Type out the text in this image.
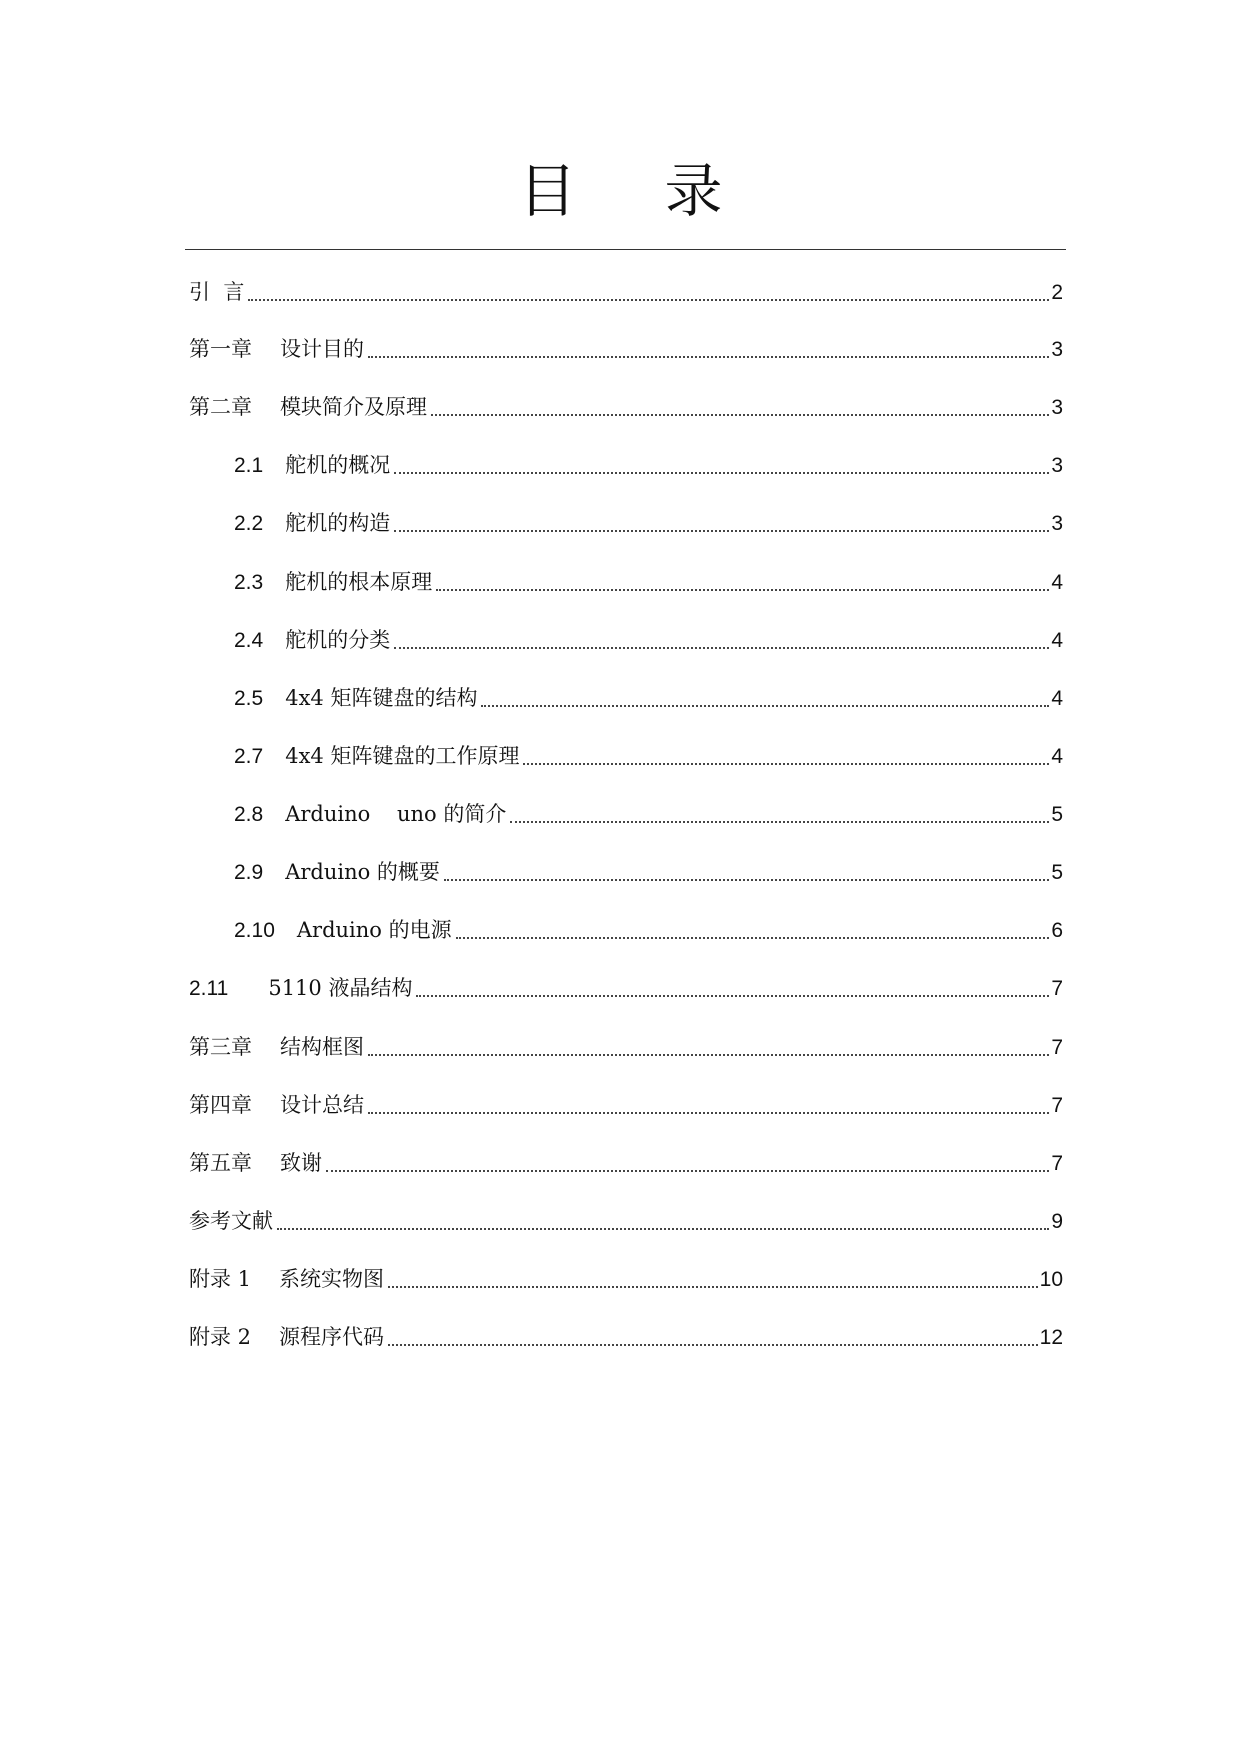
目 录
引  言	2
第一章	设计目的	3
第二章	模块简介及原理	3
2.1	舵机的概况	3
2.2	舵机的构造	3
2.3	舵机的根本原理	4
2.4	舵机的分类	4
2.5	4x4 矩阵键盘的结构	4
2.7	4x4 矩阵键盘的工作原理	4
2.8	Arduino    uno 的简介	5
2.9	Arduino 的概要	5
2.10	Arduino 的电源	6
2.11	5110 液晶结构	7
第三章	结构框图	7
第四章	设计总结	7
第五章	致谢	7
参考文献	9
附录 1	系统实物图	10
附录 2	源程序代码	12
